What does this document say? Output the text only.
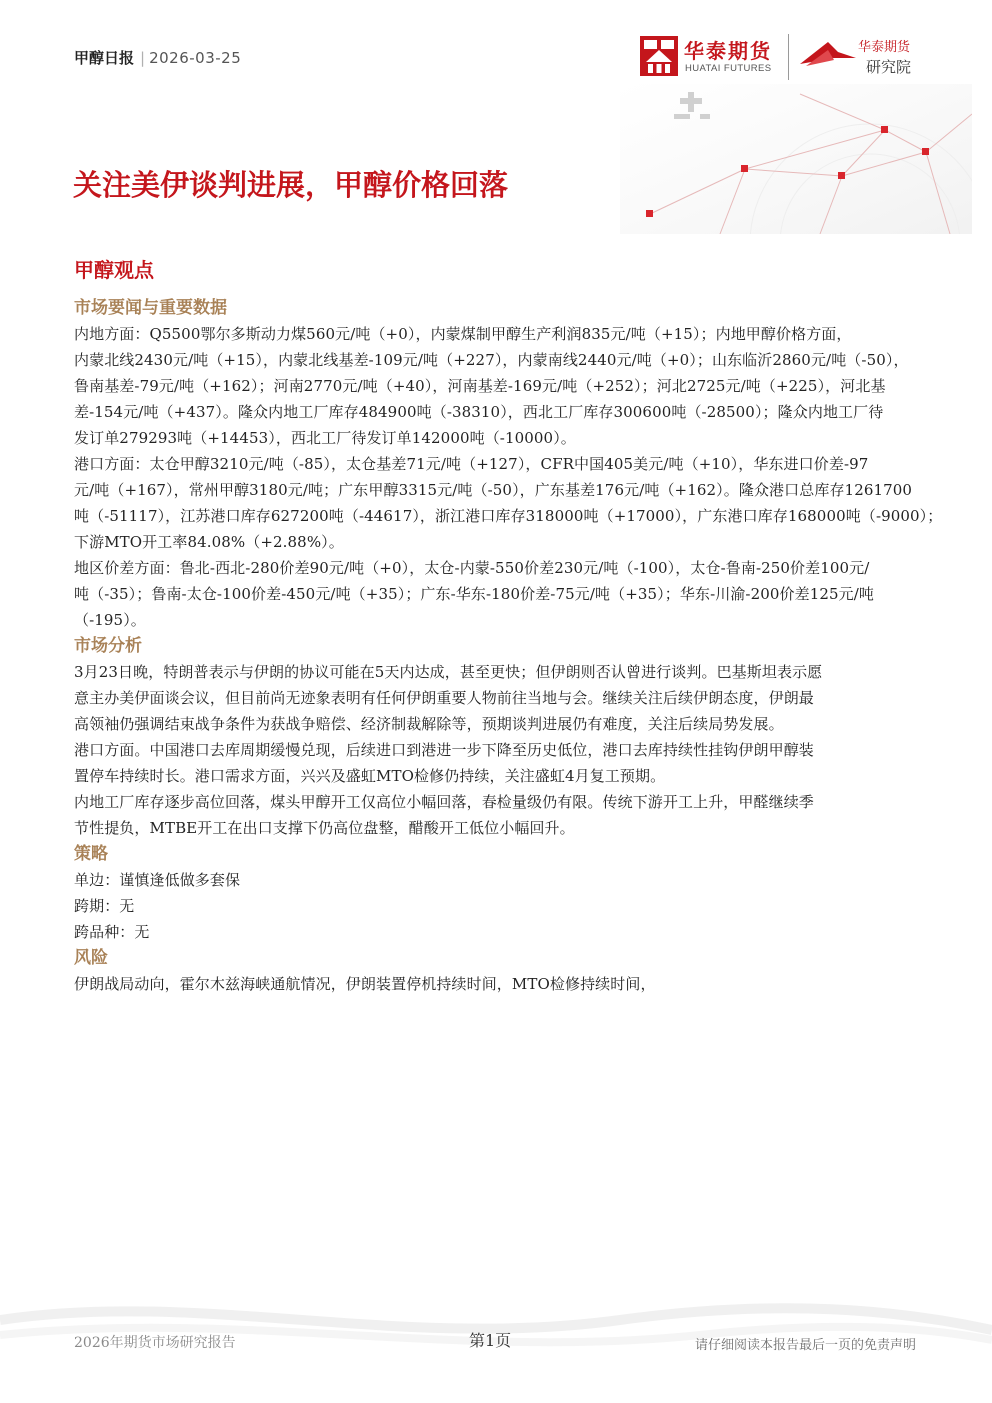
甲醇日报 | 2026-03-25	华泰期货
HUATAI FUTURES
华泰期货
研究院
关注美伊谈判进展，甲醇价格回落
甲醇观点
市场要闻与重要数据

内地方面：Q5500鄂尔多斯动力煤560元/吨（+0），内蒙煤制甲醇生产利润835元/吨（+15）；内地甲醇价格方面，
内蒙北线2430元/吨（+15），内蒙北线基差-109元/吨（+227），内蒙南线2440元/吨（+0）；山东临沂2860元/吨（-50），
鲁南基差-79元/吨（+162）；河南2770元/吨（+40），河南基差-169元/吨（+252）；河北2725元/吨（+225），河北基
差-154元/吨（+437）。隆众内地工厂库存484900吨（-38310），西北工厂库存300600吨（-28500）；隆众内地工厂待
发订单279293吨（+14453），西北工厂待发订单142000吨（-10000）。

港口方面：太仓甲醇3210元/吨（-85），太仓基差71元/吨（+127），CFR中国405美元/吨（+10），华东进口价差-97
元/吨（+167），常州甲醇3180元/吨；广东甲醇3315元/吨（-50），广东基差176元/吨（+162）。隆众港口总库存1261700
吨（-51117），江苏港口库存627200吨（-44617），浙江港口库存318000吨（+17000），广东港口库存168000吨（-9000）；
下游MTO开工率84.08%（+2.88%）。

地区价差方面：鲁北-西北-280价差90元/吨（+0），太仓-内蒙-550价差230元/吨（-100），太仓-鲁南-250价差100元/
吨（-35）；鲁南-太仓-100价差-450元/吨（+35）；广东-华东-180价差-75元/吨（+35）；华东-川渝-200价差125元/吨
（-195）。

市场分析

3月23日晚，特朗普表示与伊朗的协议可能在5天内达成，甚至更快；但伊朗则否认曾进行谈判。巴基斯坦表示愿
意主办美伊面谈会议，但目前尚无迹象表明有任何伊朗重要人物前往当地与会。继续关注后续伊朗态度，伊朗最
高领袖仍强调结束战争条件为获战争赔偿、经济制裁解除等，预期谈判进展仍有难度，关注后续局势发展。

港口方面。中国港口去库周期缓慢兑现，后续进口到港进一步下降至历史低位，港口去库持续性挂钩伊朗甲醇装
置停车持续时长。港口需求方面，兴兴及盛虹MTO检修仍持续，关注盛虹4月复工预期。

内地工厂库存逐步高位回落，煤头甲醇开工仅高位小幅回落，春检量级仍有限。传统下游开工上升，甲醛继续季
节性提负，MTBE开工在出口支撑下仍高位盘整，醋酸开工低位小幅回升。

策略

单边：谨慎逢低做多套保
跨期：无
跨品种：无

风险

伊朗战局动向，霍尔木兹海峡通航情况，伊朗装置停机持续时间，MTO检修持续时间，

2026年期货市场研究报告	第1页	请仔细阅读本报告最后一页的免责声明
